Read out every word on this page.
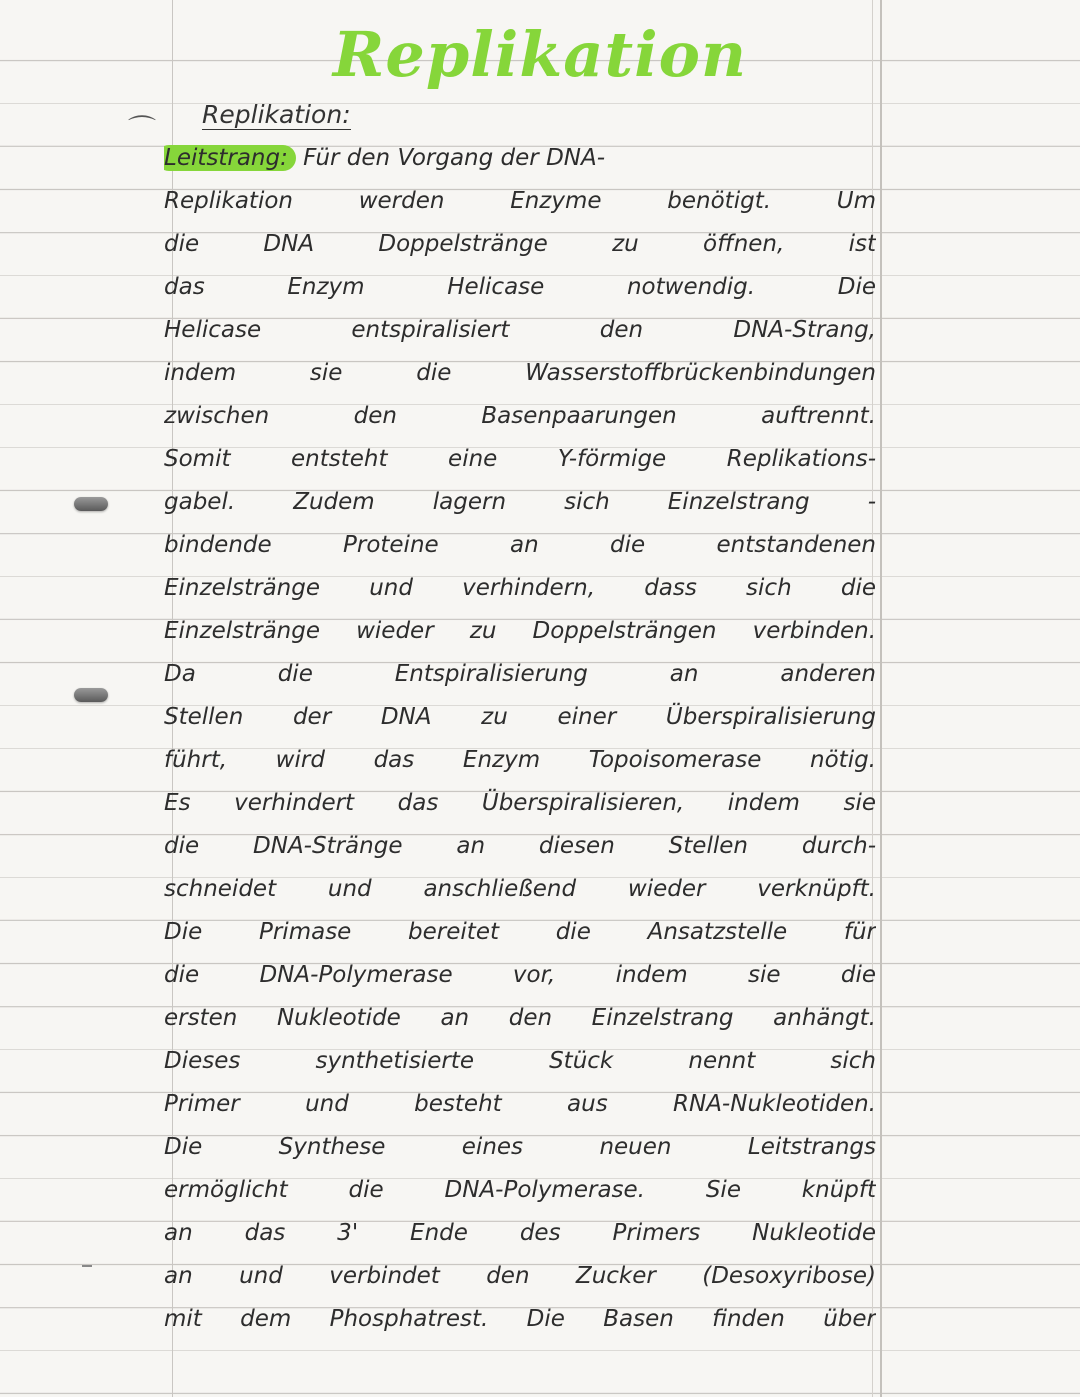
⌒
Replikation
Replikation:
Leitstrang: Für den Vorgang der DNA-
Replikation werden Enzyme benötigt. Um
die DNA Doppelstränge zu öffnen, ist
das Enzym Helicase notwendig. Die
Helicase entspiralisiert den DNA-Strang,
indem sie die Wasserstoffbrückenbindungen
zwischen den Basenpaarungen auftrennt.
Somit entsteht eine Y-förmige Replikations-
gabel. Zudem lagern sich Einzelstrang -
bindende Proteine an die entstandenen
Einzelstränge und verhindern, dass sich die
Einzelstränge wieder zu Doppelsträngen verbinden.
Da die Entspiralisierung an anderen
Stellen der DNA zu einer Überspiralisierung
führt, wird das Enzym Topoisomerase nötig.
Es verhindert das Überspiralisieren, indem sie
die DNA-Stränge an diesen Stellen durch-
schneidet und anschließend wieder verknüpft.
Die Primase bereitet die Ansatzstelle für
die DNA-Polymerase vor, indem sie die
ersten Nukleotide an den Einzelstrang anhängt.
Dieses synthetisierte Stück nennt sich
Primer und besteht aus RNA-Nukleotiden.
Die Synthese eines neuen Leitstrangs
ermöglicht die DNA-Polymerase. Sie knüpft
an das 3' Ende des Primers Nukleotide
an und verbindet den Zucker (Desoxyribose)
mit dem Phosphatrest. Die Basen finden über
